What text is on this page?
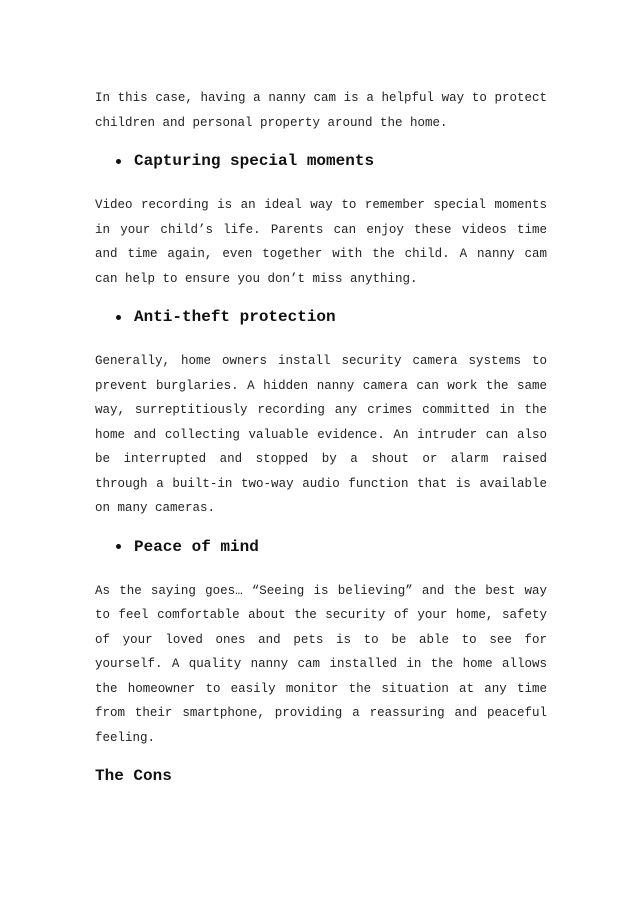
In this case, having a nanny cam is a helpful way to protect children and personal property around the home.

Capturing special moments

Video recording is an ideal way to remember special moments in your child’s life. Parents can enjoy these videos time and time again, even together with the child. A nanny cam can help to ensure you don’t miss anything.

Anti-theft protection

Generally, home owners install security camera systems to prevent burglaries. A hidden nanny camera can work the same way, surreptitiously recording any crimes committed in the home and collecting valuable evidence. An intruder can also be interrupted and stopped by a shout or alarm raised through a built-in two-way audio function that is available on many cameras.

Peace of mind

As the saying goes… “Seeing is believing” and the best way to feel comfortable about the security of your home, safety of your loved ones and pets is to be able to see for yourself. A quality nanny cam installed in the home allows the homeowner to easily monitor the situation at any time from their smartphone, providing a reassuring and peaceful feeling.

The Cons
